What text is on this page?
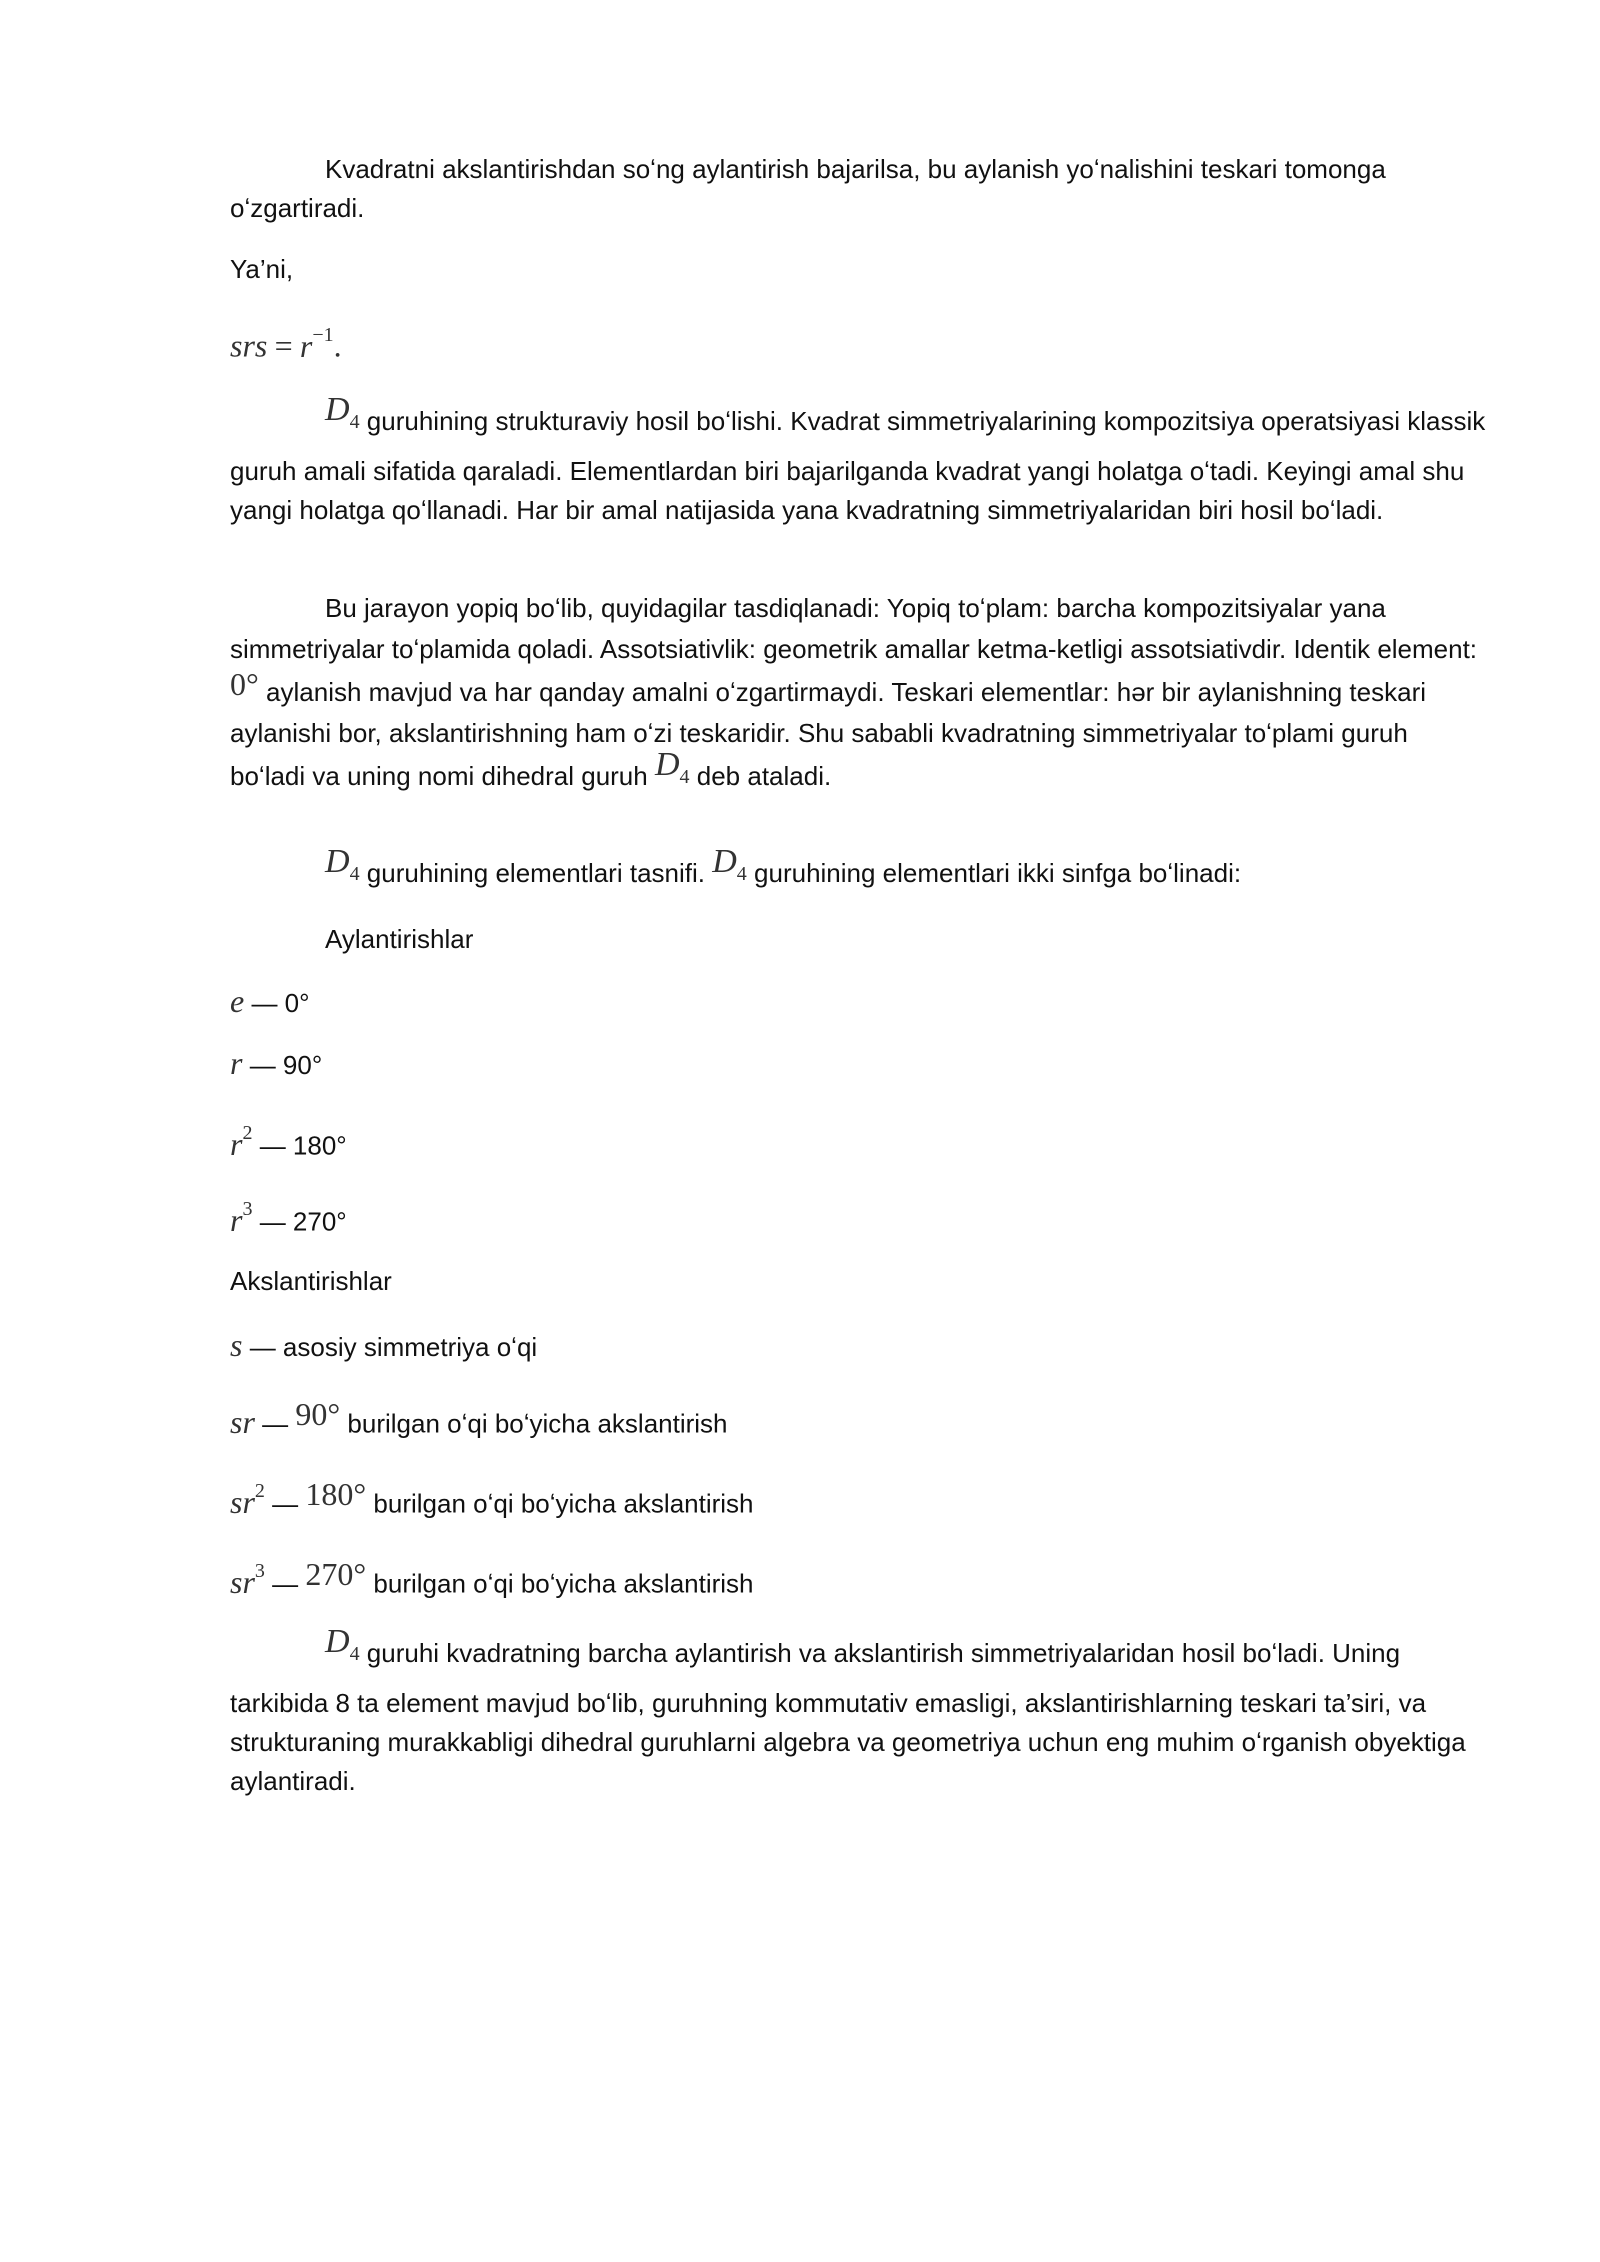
Kvadratni akslantirishdan soʻng aylantirish bajarilsa, bu aylanish yoʻnalishini teskari tomonga oʻzgartiradi.
Ya’ni,
srs = $r^{-1}$.
$D_4$ guruhining strukturaviy hosil boʻlishi. Kvadrat simmetriyalarining kompozitsiya operatsiyasi klassik guruh amali sifatida qaraladi. Elementlardan biri bajarilganda kvadrat yangi holatga oʻtadi. Keyingi amal shu yangi holatga qoʻllanadi. Har bir amal natijasida yana kvadratning simmetriyalaridan biri hosil boʻladi.
Bu jarayon yopiq boʻlib, quyidagilar tasdiqlanadi: Yopiq toʻplam: barcha kompozitsiyalar yana simmetriyalar toʻplamida qoladi. Assotsiativlik: geometrik amallar ketma-ketligi assotsiativdir. Identik element: 0° aylanish mavjud va har qanday amalni oʻzgartirmaydi. Teskari elementlar: hər bir aylanishning teskari aylanishi bor, akslantirishning ham oʻzi teskaridir. Shu sababli kvadratning simmetriyalar toʻplami guruh boʻladi va uning nomi dihedral guruh $D_4$ deb ataladi.
$D_4$ guruhining elementlari tasnifi. $D_4$ guruhining elementlari ikki sinfga boʻlinadi:
Aylantirishlar
e — 0°
r — 90°
$r^2$ — 180°
$r^3$ — 270°
Akslantirishlar
s — asosiy simmetriya oʻqi
sr — 90° burilgan oʻqi boʻyicha akslantirish
$sr^2$ — 180° burilgan oʻqi boʻyicha akslantirish
$sr^3$ — 270° burilgan oʻqi boʻyicha akslantirish
$D_4$ guruhi kvadratning barcha aylantirish va akslantirish simmetriyalaridan hosil boʻladi. Uning tarkibida 8 ta element mavjud boʻlib, guruhning kommutativ emasligi, akslantirishlarning teskari ta’siri, va strukturaning murakkabligi dihedral guruhlarni algebra va geometriya uchun eng muhim oʻrganish obyektiga aylantiradi.
